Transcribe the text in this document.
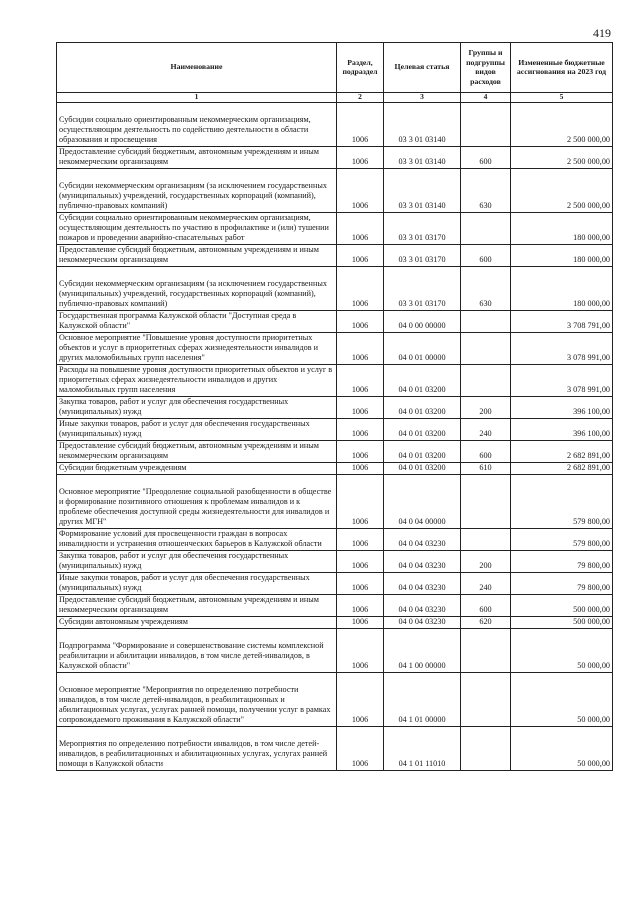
419
Наименование	Раздел, подраздел	Целевая статья	Группы и подгруппы видов расходов	Измененные бюджетные ассигнования на 2023 год
1	2	3	4	5
Субсидии социально ориентированным некоммерческим организациям, осуществляющим деятельность по содействию деятельности в области образования и просвещения	1006	03 3 01 03140		2 500 000,00
Предоставление субсидий бюджетным, автономным учреждениям и иным некоммерческим организациям	1006	03 3 01 03140	600	2 500 000,00
Субсидии некоммерческим организациям (за исключением государственных (муниципальных) учреждений, государственных корпораций (компаний), публично-правовых компаний)	1006	03 3 01 03140	630	2 500 000,00
Субсидии социально ориентированным некоммерческим организациям, осуществляющим деятельность по участию в профилактике и (или) тушении пожаров и проведении аварийно-спасательных работ	1006	03 3 01 03170		180 000,00
Предоставление субсидий бюджетным, автономным учреждениям и иным некоммерческим организациям	1006	03 3 01 03170	600	180 000,00
Субсидии некоммерческим организациям (за исключением государственных (муниципальных) учреждений, государственных корпораций (компаний), публично-правовых компаний)	1006	03 3 01 03170	630	180 000,00
Государственная программа Калужской области "Доступная среда в Калужской области"	1006	04 0 00 00000		3 708 791,00
Основное мероприятие "Повышение уровня доступности приоритетных объектов и услуг в приоритетных сферах жизнедеятельности инвалидов и других маломобильных групп населения"	1006	04 0 01 00000		3 078 991,00
Расходы на повышение уровня доступности приоритетных объектов и услуг в приоритетных сферах жизнедеятельности инвалидов и других маломобильных групп населения	1006	04 0 01 03200		3 078 991,00
Закупка товаров, работ и услуг для обеспечения государственных (муниципальных) нужд	1006	04 0 01 03200	200	396 100,00
Иные закупки товаров, работ и услуг для обеспечения государственных (муниципальных) нужд	1006	04 0 01 03200	240	396 100,00
Предоставление субсидий бюджетным, автономным учреждениям и иным некоммерческим организациям	1006	04 0 01 03200	600	2 682 891,00
Субсидии бюджетным учреждениям	1006	04 0 01 03200	610	2 682 891,00
Основное мероприятие "Преодоление социальной разобщенности в обществе и формирование позитивного отношения к проблемам инвалидов и к проблеме обеспечения доступной среды жизнедеятельности для инвалидов и других МГН"	1006	04 0 04 00000		579 800,00
Формирование условий для просвещенности граждан в вопросах инвалидности и устранения отношенческих барьеров в Калужской области	1006	04 0 04 03230		579 800,00
Закупка товаров, работ и услуг для обеспечения государственных (муниципальных) нужд	1006	04 0 04 03230	200	79 800,00
Иные закупки товаров, работ и услуг для обеспечения государственных (муниципальных) нужд	1006	04 0 04 03230	240	79 800,00
Предоставление субсидий бюджетным, автономным учреждениям и иным некоммерческим организациям	1006	04 0 04 03230	600	500 000,00
Субсидии автономным учреждениям	1006	04 0 04 03230	620	500 000,00
Подпрограмма "Формирование и совершенствование системы комплексной реабилитации и абилитации инвалидов, в том числе детей-инвалидов, в Калужской области"	1006	04 1 00 00000		50 000,00
Основное мероприятие "Мероприятия по определению потребности инвалидов, в том числе детей-инвалидов, в реабилитационных и абилитационных услугах, услугах ранней помощи, получении услуг в рамках сопровождаемого проживания в Калужской области"	1006	04 1 01 00000		50 000,00
Мероприятия по определению потребности инвалидов, в том числе детей-инвалидов, в реабилитационных и абилитационных услугах, услугах ранней помощи в Калужской области	1006	04 1 01 11010		50 000,00
